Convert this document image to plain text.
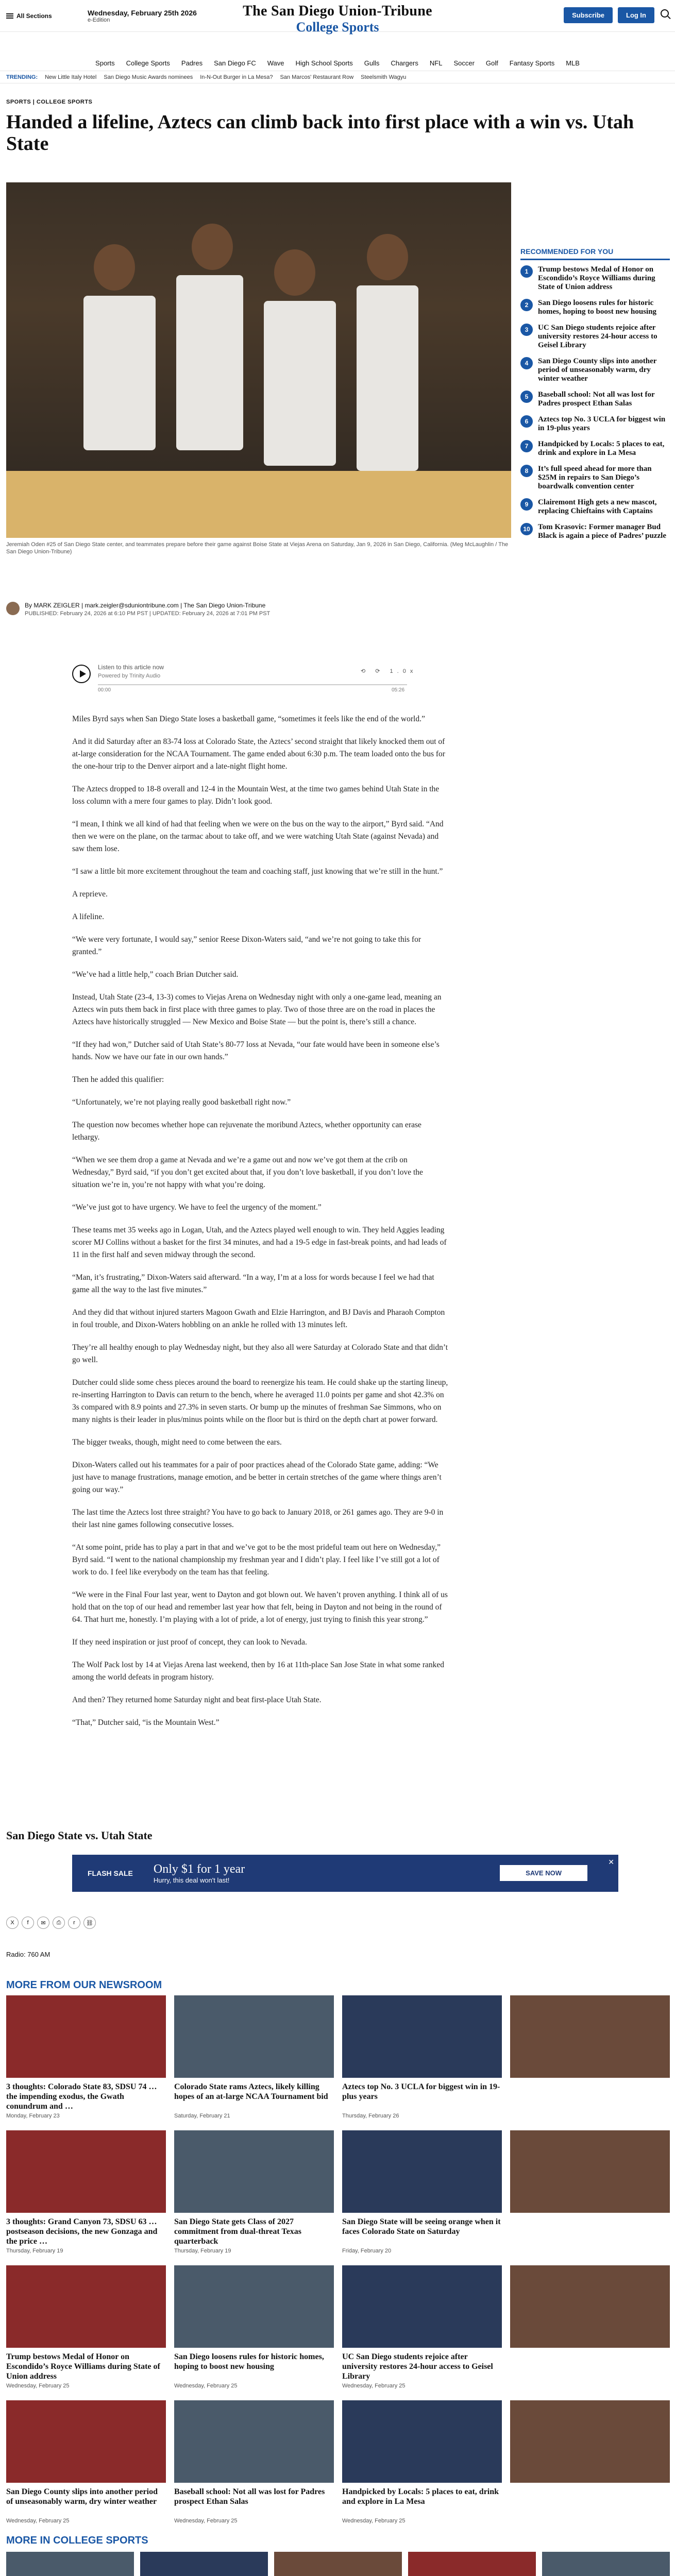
All Sections	Wednesday, February 25th 2026
e-Edition
The San Diego Union-Tribune
College Sports
Subscribe	Log In
Sports College Sports Padres San Diego FC Wave High School Sports Gulls Chargers NFL Soccer Golf Fantasy Sports MLB
TRENDING: New Little Italy Hotel San Diego Music Awards nominees In-N-Out Burger in La Mesa? San Marcos' Restaurant Row Steelsmith Wagyu
SPORTS | COLLEGE SPORTS
Handed a lifeline, Aztecs can climb back into first place with a win vs. Utah State
Jeremiah Oden #25 of San Diego State center, and teammates prepare before their game against Boise State at Viejas Arena on Saturday, Jan 9, 2026 in San Diego, California. (Meg McLaughlin / The San Diego Union-Tribune)
RECOMMENDED FOR YOU
1	Trump bestows Medal of Honor on Escondido’s Royce Williams during State of Union address
2	San Diego loosens rules for historic homes, hoping to boost new housing
3	UC San Diego students rejoice after university restores 24-hour access to Geisel Library
4	San Diego County slips into another period of unseasonably warm, dry winter weather
5	Baseball school: Not all was lost for Padres prospect Ethan Salas
6	Aztecs top No. 3 UCLA for biggest win in 19-plus years
7	Handpicked by Locals: 5 places to eat, drink and explore in La Mesa
8	It’s full speed ahead for more than $25M in repairs to San Diego’s boardwalk convention center
9	Clairemont High gets a new mascot, replacing Chieftains with Captains
10	Tom Krasovic: Former manager Bud Black is again a piece of Padres’ puzzle
By MARK ZEIGLER | mark.zeigler@sduniontribune.com | The San Diego Union-Tribune
PUBLISHED: February 24, 2026 at 6:10 PM PST | UPDATED: February 24, 2026 at 7:01 PM PST
Listen to this article now
Powered by Trinity Audio
⟲ ⟳ 1.0x
00:00	05:26

Miles Byrd says when San Diego State loses a basketball game, “sometimes it feels like the end of the world.”

And it did Saturday after an 83-74 loss at Colorado State, the Aztecs’ second straight that likely knocked them out of at-large consideration for the NCAA Tournament. The game ended about 6:30 p.m. The team loaded onto the bus for the one-hour trip to the Denver airport and a late-night flight home.

The Aztecs dropped to 18-8 overall and 12-4 in the Mountain West, at the time two games behind Utah State in the loss column with a mere four games to play. Didn’t look good.

“I mean, I think we all kind of had that feeling when we were on the bus on the way to the airport,” Byrd said. “And then we were on the plane, on the tarmac about to take off, and we were watching Utah State (against Nevada) and saw them lose.

“I saw a little bit more excitement throughout the team and coaching staff, just knowing that we’re still in the hunt.”

A reprieve.

A lifeline.

“We were very fortunate, I would say,” senior Reese Dixon-Waters said, “and we’re not going to take this for granted.”

“We’ve had a little help,” coach Brian Dutcher said.

Instead, Utah State (23-4, 13-3) comes to Viejas Arena on Wednesday night with only a one-game lead, meaning an Aztecs win puts them back in first place with three games to play. Two of those three are on the road in places the Aztecs have historically struggled — New Mexico and Boise State — but the point is, there’s still a chance.

“If they had won,” Dutcher said of Utah State’s 80-77 loss at Nevada, “our fate would have been in someone else’s hands. Now we have our fate in our own hands.”

Then he added this qualifier:

“Unfortunately, we’re not playing really good basketball right now.”

The question now becomes whether hope can rejuvenate the moribund Aztecs, whether opportunity can erase lethargy.

“When we see them drop a game at Nevada and we’re a game out and now we’ve got them at the crib on Wednesday,” Byrd said, “if you don’t get excited about that, if you don’t love basketball, if you don’t love the situation we’re in, you’re not happy with what you’re doing.

“We’ve just got to have urgency. We have to feel the urgency of the moment.”

These teams met 35 weeks ago in Logan, Utah, and the Aztecs played well enough to win. They held Aggies leading scorer MJ Collins without a basket for the first 34 minutes, and had a 19-5 edge in fast-break points, and had leads of 11 in the first half and seven midway through the second.

“Man, it’s frustrating,” Dixon-Waters said afterward. “In a way, I’m at a loss for words because I feel we had that game all the way to the last five minutes.”

And they did that without injured starters Magoon Gwath and Elzie Harrington, and BJ Davis and Pharaoh Compton in foul trouble, and Dixon-Waters hobbling on an ankle he rolled with 13 minutes left.

They’re all healthy enough to play Wednesday night, but they also all were Saturday at Colorado State and that didn’t go well.

Dutcher could slide some chess pieces around the board to reenergize his team. He could shake up the starting lineup, re-inserting Harrington to Davis can return to the bench, where he averaged 11.0 points per game and shot 42.3% on 3s compared with 8.9 points and 27.3% in seven starts. Or bump up the minutes of freshman Sae Simmons, who on many nights is their leader in plus/minus points while on the floor but is third on the depth chart at power forward.

The bigger tweaks, though, might need to come between the ears.

Dixon-Waters called out his teammates for a pair of poor practices ahead of the Colorado State game, adding: “We just have to manage frustrations, manage emotion, and be better in certain stretches of the game where things aren’t going our way.”

The last time the Aztecs lost three straight? You have to go back to January 2018, or 261 games ago. They are 9-0 in their last nine games following consecutive losses.

“At some point, pride has to play a part in that and we’ve got to be the most prideful team out here on Wednesday,” Byrd said. “I went to the national championship my freshman year and I didn’t play. I feel like I’ve still got a lot of work to do. I feel like everybody on the team has that feeling.

“We were in the Final Four last year, went to Dayton and got blown out. We haven’t proven anything. I think all of us hold that on the top of our head and remember last year how that felt, being in Dayton and not being in the round of 64. That hurt me, honestly. I’m playing with a lot of pride, a lot of energy, just trying to finish this year strong.”

If they need inspiration or just proof of concept, they can look to Nevada.

The Wolf Pack lost by 14 at Viejas Arena last weekend, then by 16 at 11th-place San Jose State in what some ranked among the world defeats in program history.

And then? They returned home Saturday night and beat first-place Utah State.

“That,” Dutcher said, “is the Mountain West.”

San Diego State vs. Utah State
FLASH SALE Only $1 for 1 year
Hurry, this deal won't last!
SAVE NOW
✕
X	f	✉	⎙	r	⛓
Radio: 760 AM
MORE FROM OUR NEWSROOM
3 thoughts: Colorado State 83, SDSU 74 … the impending exodus, the Gwath conundrum and …
Monday, February 23
Colorado State rams Aztecs, likely killing hopes of an at-large NCAA Tournament bid
Saturday, February 21
Aztecs top No. 3 UCLA for biggest win in 19-plus years
Thursday, February 26
3 thoughts: Grand Canyon 73, SDSU 63 … postseason decisions, the new Gonzaga and the price …
Thursday, February 19
San Diego State gets Class of 2027 commitment from dual-threat Texas quarterback
Thursday, February 19
San Diego State will be seeing orange when it faces Colorado State on Saturday
Friday, February 20
Trump bestows Medal of Honor on Escondido’s Royce Williams during State of Union address
Wednesday, February 25
San Diego loosens rules for historic homes, hoping to boost new housing
Wednesday, February 25
UC San Diego students rejoice after university restores 24-hour access to Geisel Library
Wednesday, February 25
San Diego County slips into another period of unseasonably warm, dry winter weather
Wednesday, February 25
Baseball school: Not all was lost for Padres prospect Ethan Salas
Wednesday, February 25
Handpicked by Locals: 5 places to eat, drink and explore in La Mesa
Wednesday, February 25
MORE IN COLLEGE SPORTS
